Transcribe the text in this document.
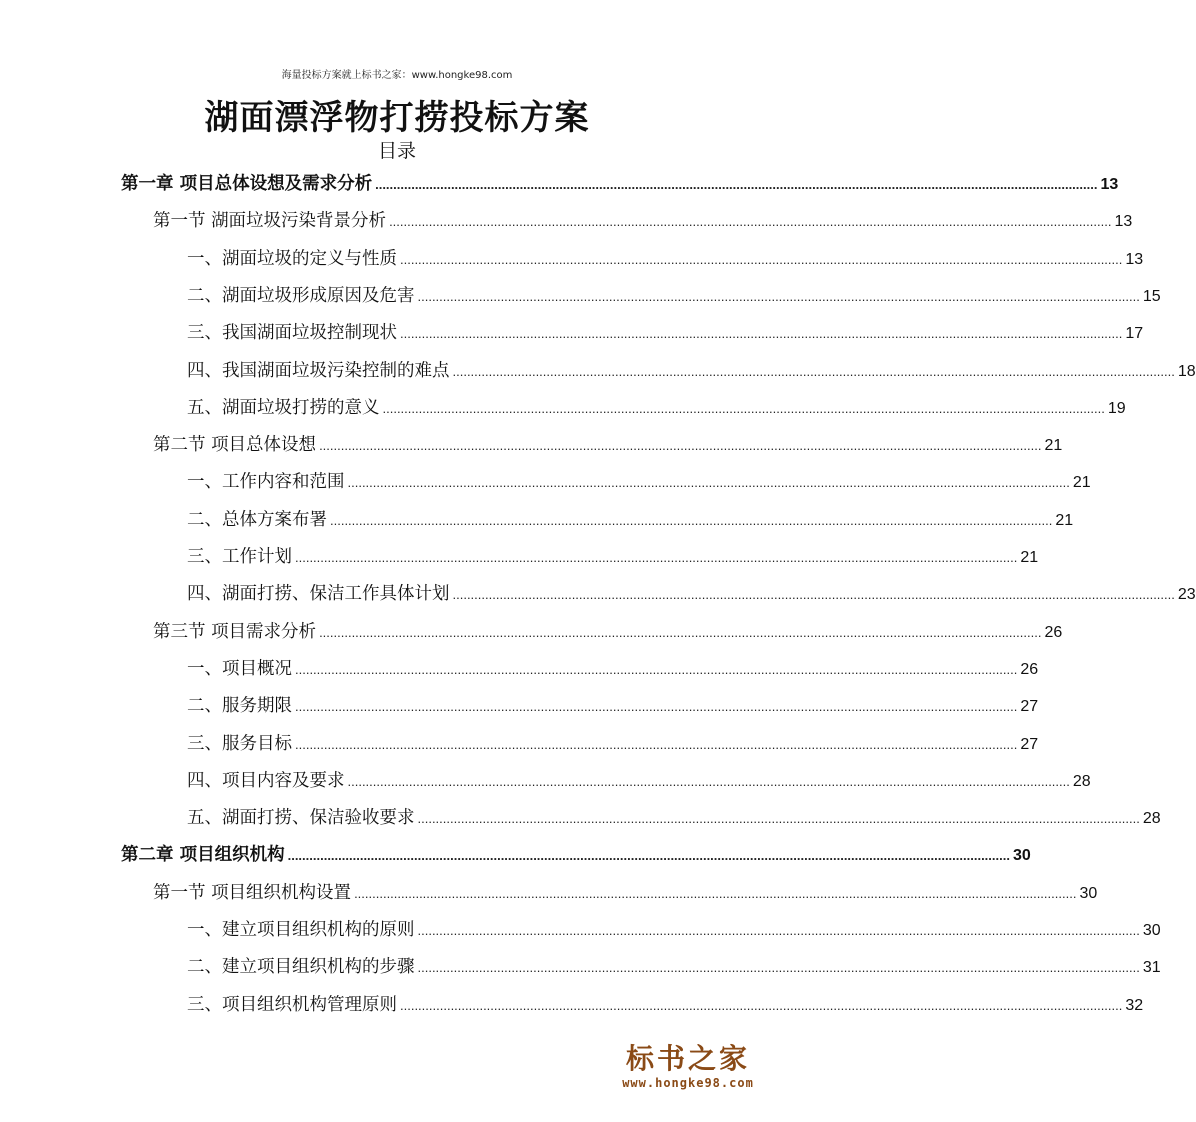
海量投标方案就上标书之家：www.hongke98.com
湖面漂浮物打捞投标方案
目录
第一章 项目总体设想及需求分析 ........................................................................................................................................................................................................ 13
第一节 湖面垃圾污染背景分析 ........................................................................................................................................................................................................ 13
一、湖面垃圾的定义与性质 ........................................................................................................................................................................................................ 13
二、湖面垃圾形成原因及危害 ........................................................................................................................................................................................................ 15
三、我国湖面垃圾控制现状 ........................................................................................................................................................................................................ 17
四、我国湖面垃圾污染控制的难点 ........................................................................................................................................................................................................ 18
五、湖面垃圾打捞的意义 ........................................................................................................................................................................................................ 19
第二节 项目总体设想 ........................................................................................................................................................................................................ 21
一、工作内容和范围 ........................................................................................................................................................................................................ 21
二、总体方案布署 ........................................................................................................................................................................................................ 21
三、工作计划 ........................................................................................................................................................................................................ 21
四、湖面打捞、保洁工作具体计划 ........................................................................................................................................................................................................ 23
第三节 项目需求分析 ........................................................................................................................................................................................................ 26
一、项目概况 ........................................................................................................................................................................................................ 26
二、服务期限 ........................................................................................................................................................................................................ 27
三、服务目标 ........................................................................................................................................................................................................ 27
四、项目内容及要求 ........................................................................................................................................................................................................ 28
五、湖面打捞、保洁验收要求 ........................................................................................................................................................................................................ 28
第二章 项目组织机构 ........................................................................................................................................................................................................ 30
第一节 项目组织机构设置 ........................................................................................................................................................................................................ 30
一、建立项目组织机构的原则 ........................................................................................................................................................................................................ 30
二、建立项目组织机构的步骤 ........................................................................................................................................................................................................ 31
三、项目组织机构管理原则 ........................................................................................................................................................................................................ 32
标书之家
www.hongke98.com
